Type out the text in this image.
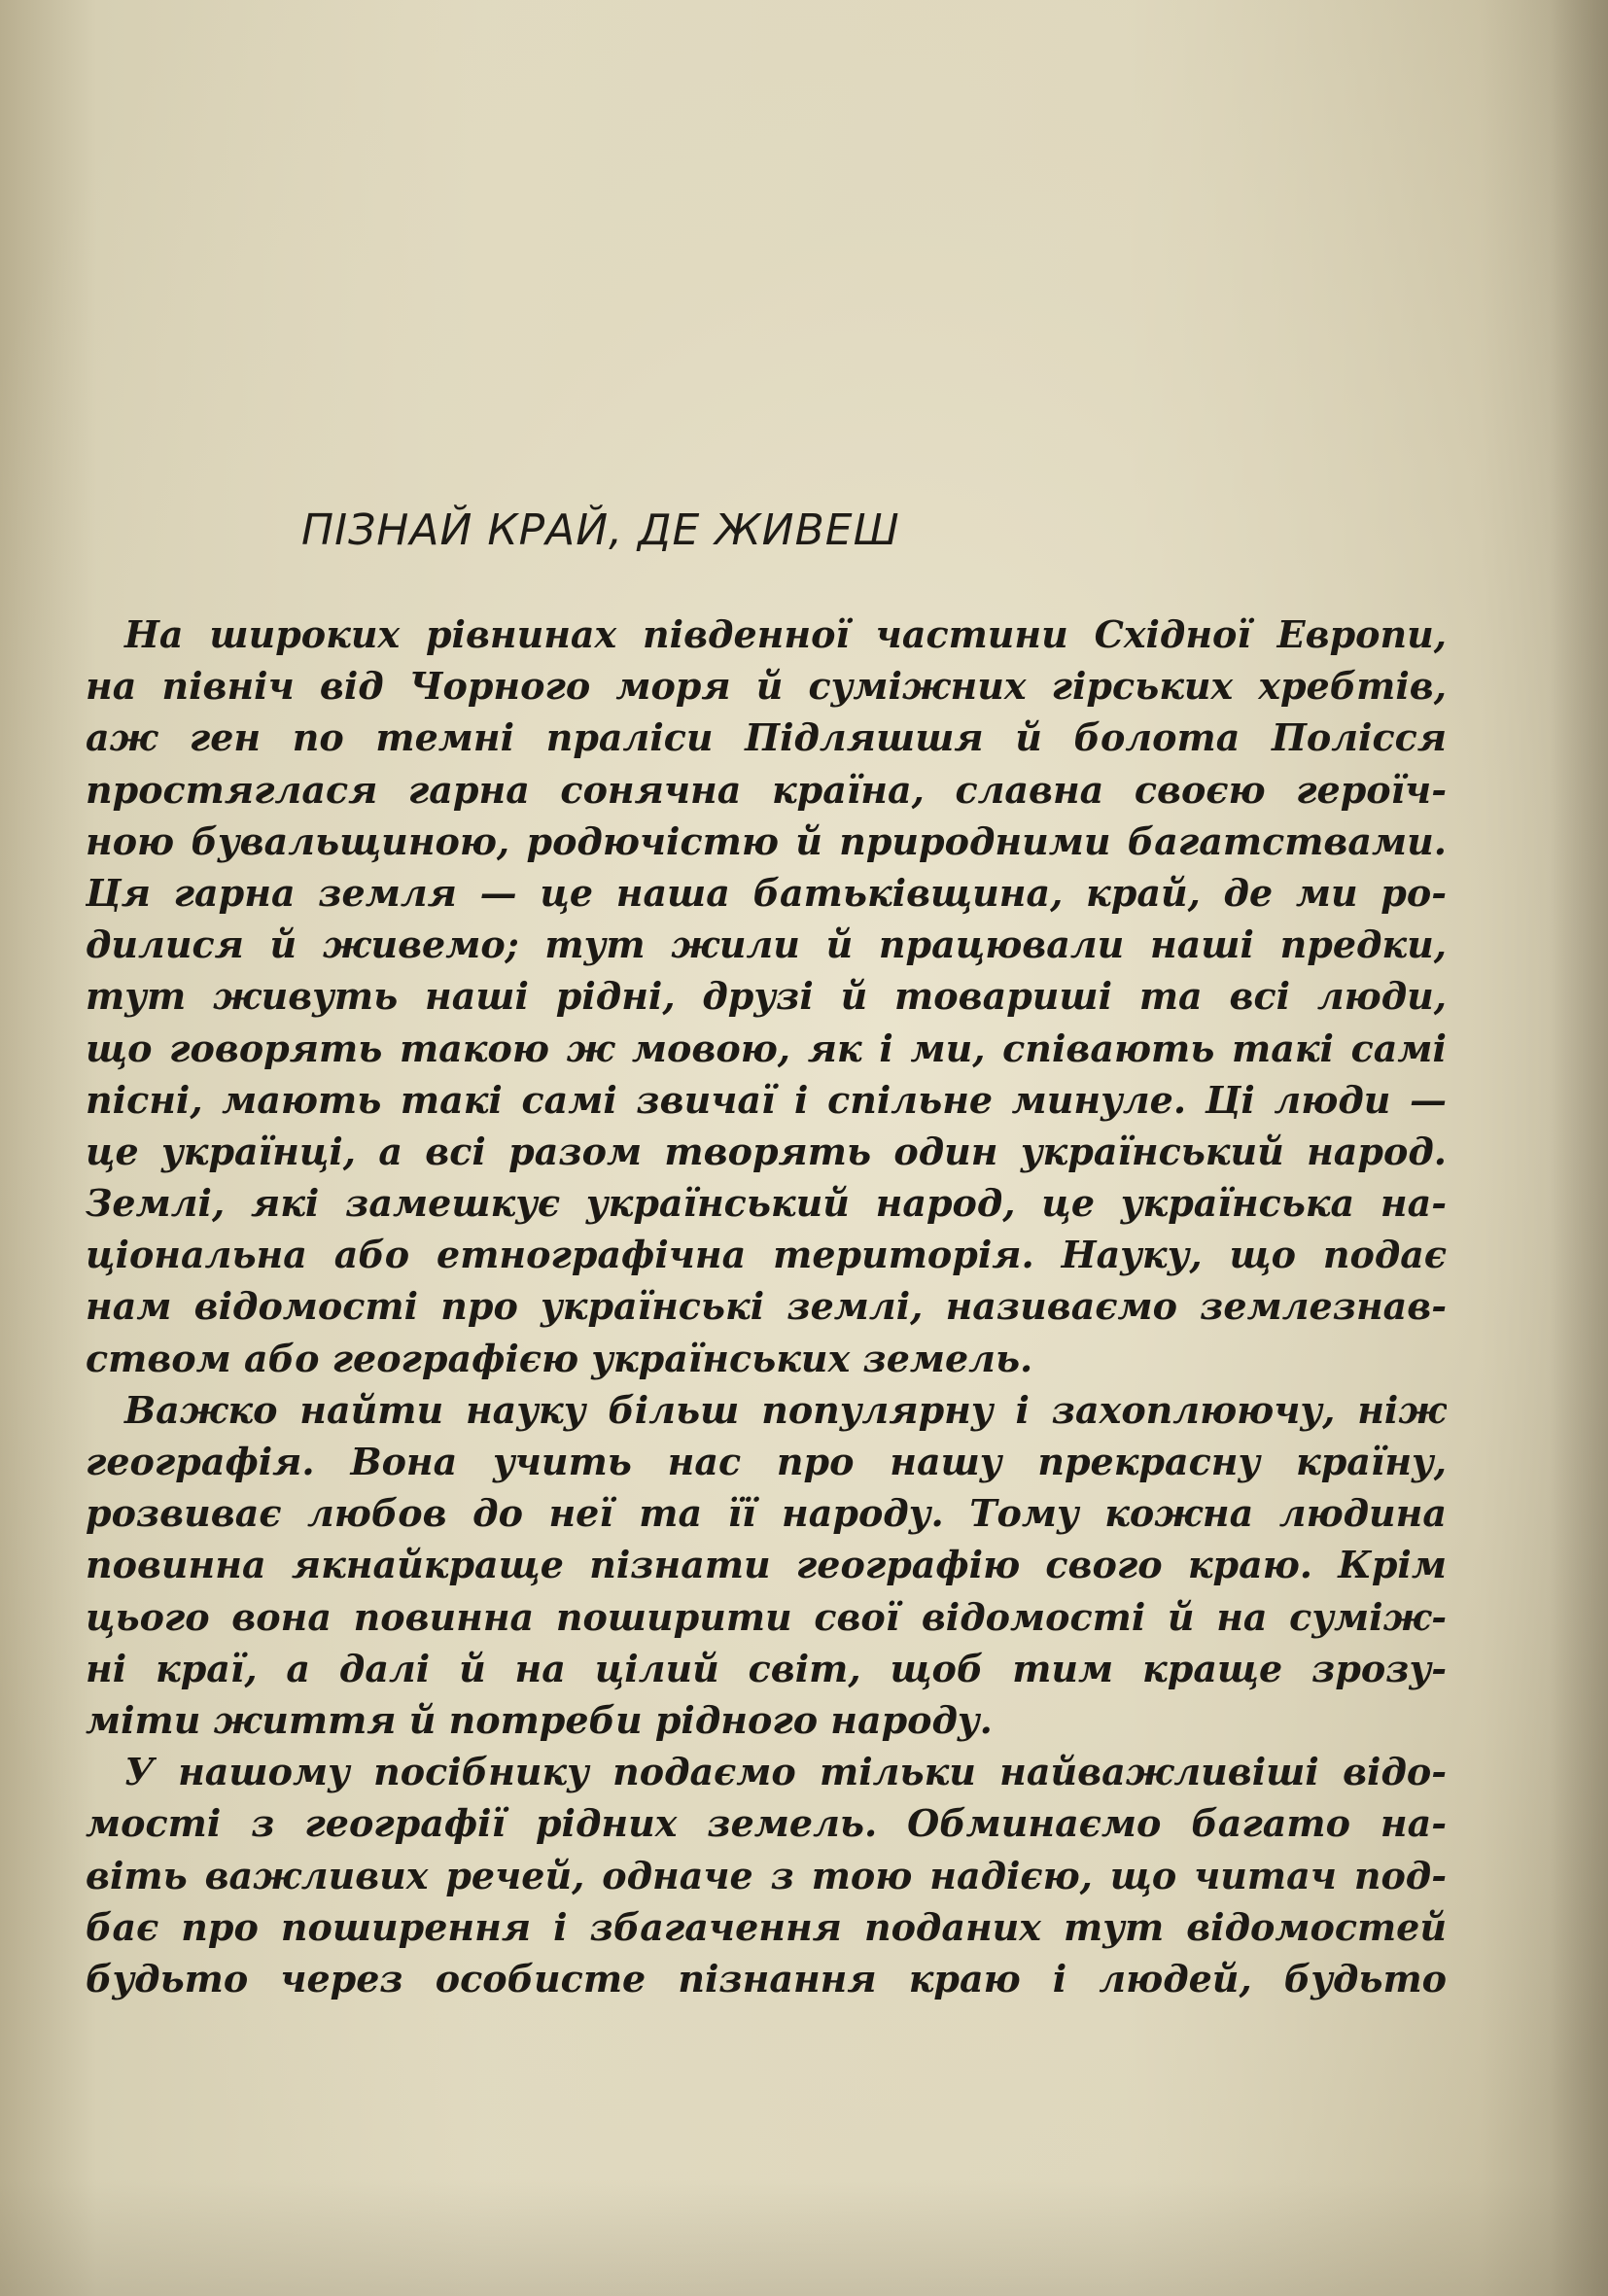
ПІЗНАЙ КРАЙ, ДЕ ЖИВЕШ
На широких рівнинах південної частини Східної Европи,
на північ від Чорного моря й суміжних гірських хребтів,
аж ген по темні праліси Підляшшя й болота Полісся
простяглася гарна сонячна країна, славна своєю героїч-
ною бувальщиною, родючістю й природними багатствами.
Ця гарна земля — це наша батьківщина, край, де ми ро-
дилися й живемо; тут жили й працювали наші предки,
тут живуть наші рідні, друзі й товариші та всі люди,
що говорять такою ж мовою, як і ми, співають такі самі
пісні, мають такі самі звичаї і спільне минуле. Ці люди —
це українці, а всі разом творять один український народ.
Землі, які замешкує український народ, це українська на-
ціональна або етнографічна територія. Науку, що подає
нам відомості про українські землі, називаємо землезнав-
ством або географією українських земель.
Важко найти науку більш популярну і захоплюючу, ніж
географія. Вона учить нас про нашу прекрасну країну,
розвиває любов до неї та її народу. Тому кожна людина
повинна якнайкраще пізнати географію свого краю. Крім
цього вона повинна поширити свої відомості й на суміж-
ні краї, а далі й на цілий світ, щоб тим краще зрозу-
міти життя й потреби рідного народу.
У нашому посібнику подаємо тільки найважливіші відо-
мості з географії рідних земель. Обминаємо багато на-
віть важливих речей, одначе з тою надією, що читач под-
бає про поширення і збагачення поданих тут відомостей
будьто через особисте пізнання краю і людей, будьто
